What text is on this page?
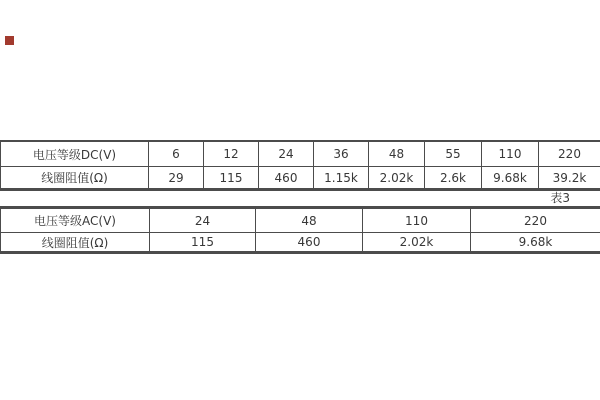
电压等级DC(V)	6	12	24	36	48	55	110	220
线圈阻值(Ω)	29	115	460	1.15k	2.02k	2.6k	9.68k	39.2k
表3
电压等级AC(V)	24	48	110	220
线圈阻值(Ω)	115	460	2.02k	9.68k
